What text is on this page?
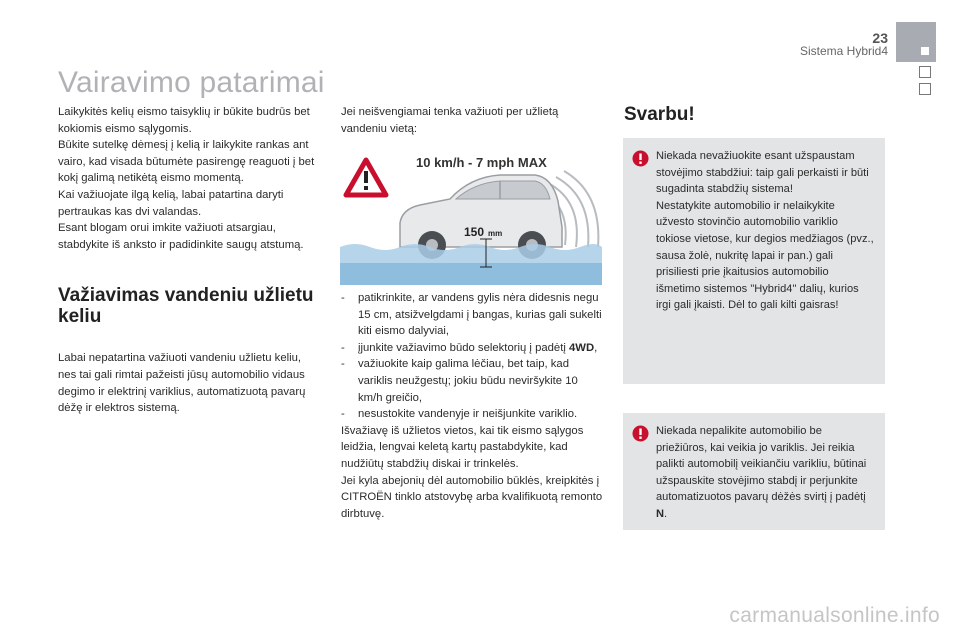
23
Sistema Hybrid4
Vairavimo patarimai

Laikykitės kelių eismo taisyklių ir būkite budrūs bet kokiomis eismo sąlygomis.

Būkite sutelkę dėmesį į kelią ir laikykite rankas ant vairo, kad visada būtumėte pasirengę reaguoti į bet kokį galimą netikėtą eismo momentą.

Kai važiuojate ilgą kelią, labai patartina daryti pertraukas kas dvi valandas.

Esant blogam orui imkite važiuoti atsargiau, stabdykite iš anksto ir padidinkite saugų atstumą.

Važiavimas vandeniu užlietu keliu

Labai nepatartina važiuoti vandeniu užlietu keliu, nes tai gali rimtai pažeisti jūsų automobilio vidaus degimo ir elektrinį variklius, automatizuotą pavarų dėžę ir elektros sistemą.

Jei neišvengiamai tenka važiuoti per užlietą vandeniu vietą:

10 km/h - 7 mph MAX
150 mm
- patikrinkite, ar vandens gylis nėra didesnis negu 15 cm, atsižvelgdami į bangas, kurias gali sukelti kiti eismo dalyviai,
- įjunkite važiavimo būdo selektorių į padėtį 4WD,
- važiuokite kaip galima lėčiau, bet taip, kad variklis neužgestų; jokiu būdu neviršykite 10 km/h greičio,
- nesustokite vandenyje ir neišjunkite variklio.

Išvažiavę iš užlietos vietos, kai tik eismo sąlygos leidžia, lengvai keletą kartų pastabdykite, kad nudžiūtų stabdžių diskai ir trinkelės.

Jei kyla abejonių dėl automobilio būklės, kreipkitės į CITROËN tinklo atstovybę arba kvalifikuotą remonto dirbtuvę.

Svarbu!

Niekada nevažiuokite esant užspaustam stovėjimo stabdžiui: taip gali perkaisti ir būti sugadinta stabdžių sistema!

Nestatykite automobilio ir nelaikykite užvesto stovinčio automobilio variklio tokiose vietose, kur degios medžiagos (pvz., sausa žolė, nukritę lapai ir pan.) gali prisiliesti prie įkaitusios automobilio išmetimo sistemos "Hybrid4" dalių, kurios irgi gali įkaisti. Dėl to gali kilti gaisras!

Niekada nepalikite automobilio be priežiūros, kai veikia jo variklis. Jei reikia palikti automobilį veikiančiu varikliu, būtinai užspauskite stovėjimo stabdį ir perjunkite automatizuotos pavarų dėžės svirtį į padėtį N.

carmanualsonline.info
